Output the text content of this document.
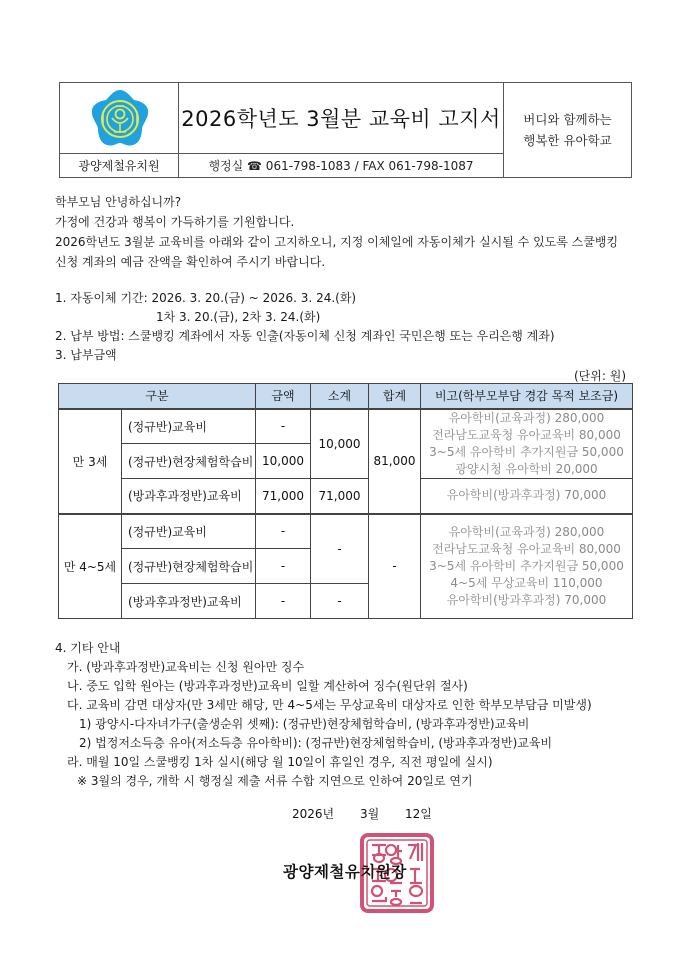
2026학년도 3월분 교육비 고지서 버디와 함께하는
행복한 유아학교
광양제철유치원	행정실 ☎ 061-798-1083 / FAX 061-798-1087
학부모님 안녕하십니까?
가정에 건강과 행복이 가득하기를 기원합니다.
2026학년도 3월분 교육비를 아래와 같이 고지하오니, 지정 이체일에 자동이체가 실시될 수 있도록 스쿨뱅킹
신청 계좌의 예금 잔액을 확인하여 주시기 바랍니다.
1. 자동이체 기간: 2026. 3. 20.(금) ~ 2026. 3. 24.(화)
1차 3. 20.(금), 2차 3. 24.(화)
2. 납부 방법: 스쿨뱅킹 계좌에서 자동 인출(자동이체 신청 계좌인 국민은행 또는 우리은행 계좌)
3. 납부금액
(단위: 원)
구분		금액	소계	합계	비고(학부모부담 경감 목적 보조금)
만 3세	(정규반)교육비	-	10,000	81,000	유아학비(교육과정) 280,000
전라남도교육청 유아교육비 80,000
3~5세 유아학비 추가지원금 50,000
광양시청 유아학비 20,000

	(정규반)현장체험학습비	10,000			
	(방과후과정반)교육비	71,000	71,000		유아학비(방과후과정) 70,000
만 4~5세	(정규반)교육비	-	-	-	유아학비(교육과정) 280,000
전라남도교육청 유아교육비 80,000
3~5세 유아학비 추가지원금 50,000
4~5세 무상교육비 110,000
유아학비(방과후과정) 70,000

	(정규반)현장체험학습비	-			
	(방과후과정반)교육비	-	-		
4. 기타 안내
가. (방과후과정반)교육비는 신청 원아만 징수
나. 중도 입학 원아는 (방과후과정반)교육비 일할 계산하여 징수(원단위 절사)
다. 교육비 감면 대상자(만 3세만 해당, 만 4~5세는 무상교육비 대상자로 인한 학부모부담금 미발생)
1) 광양시-다자녀가구(출생순위 셋째): (정규반)현장체험학습비, (방과후과정반)교육비
2) 법정저소득층 유아(저소득층 유아학비): (정규반)현장체험학습비, (방과후과정반)교육비
라. 매월 10일 스쿨뱅킹 1차 실시(해당 월 10일이 휴일인 경우, 직전 평일에 실시)
※ 3월의 경우, 개학 시 행정실 제출 서류 수합 지연으로 인하여 20일로 연기
2026년 3월 12일
광양제철유치원장
